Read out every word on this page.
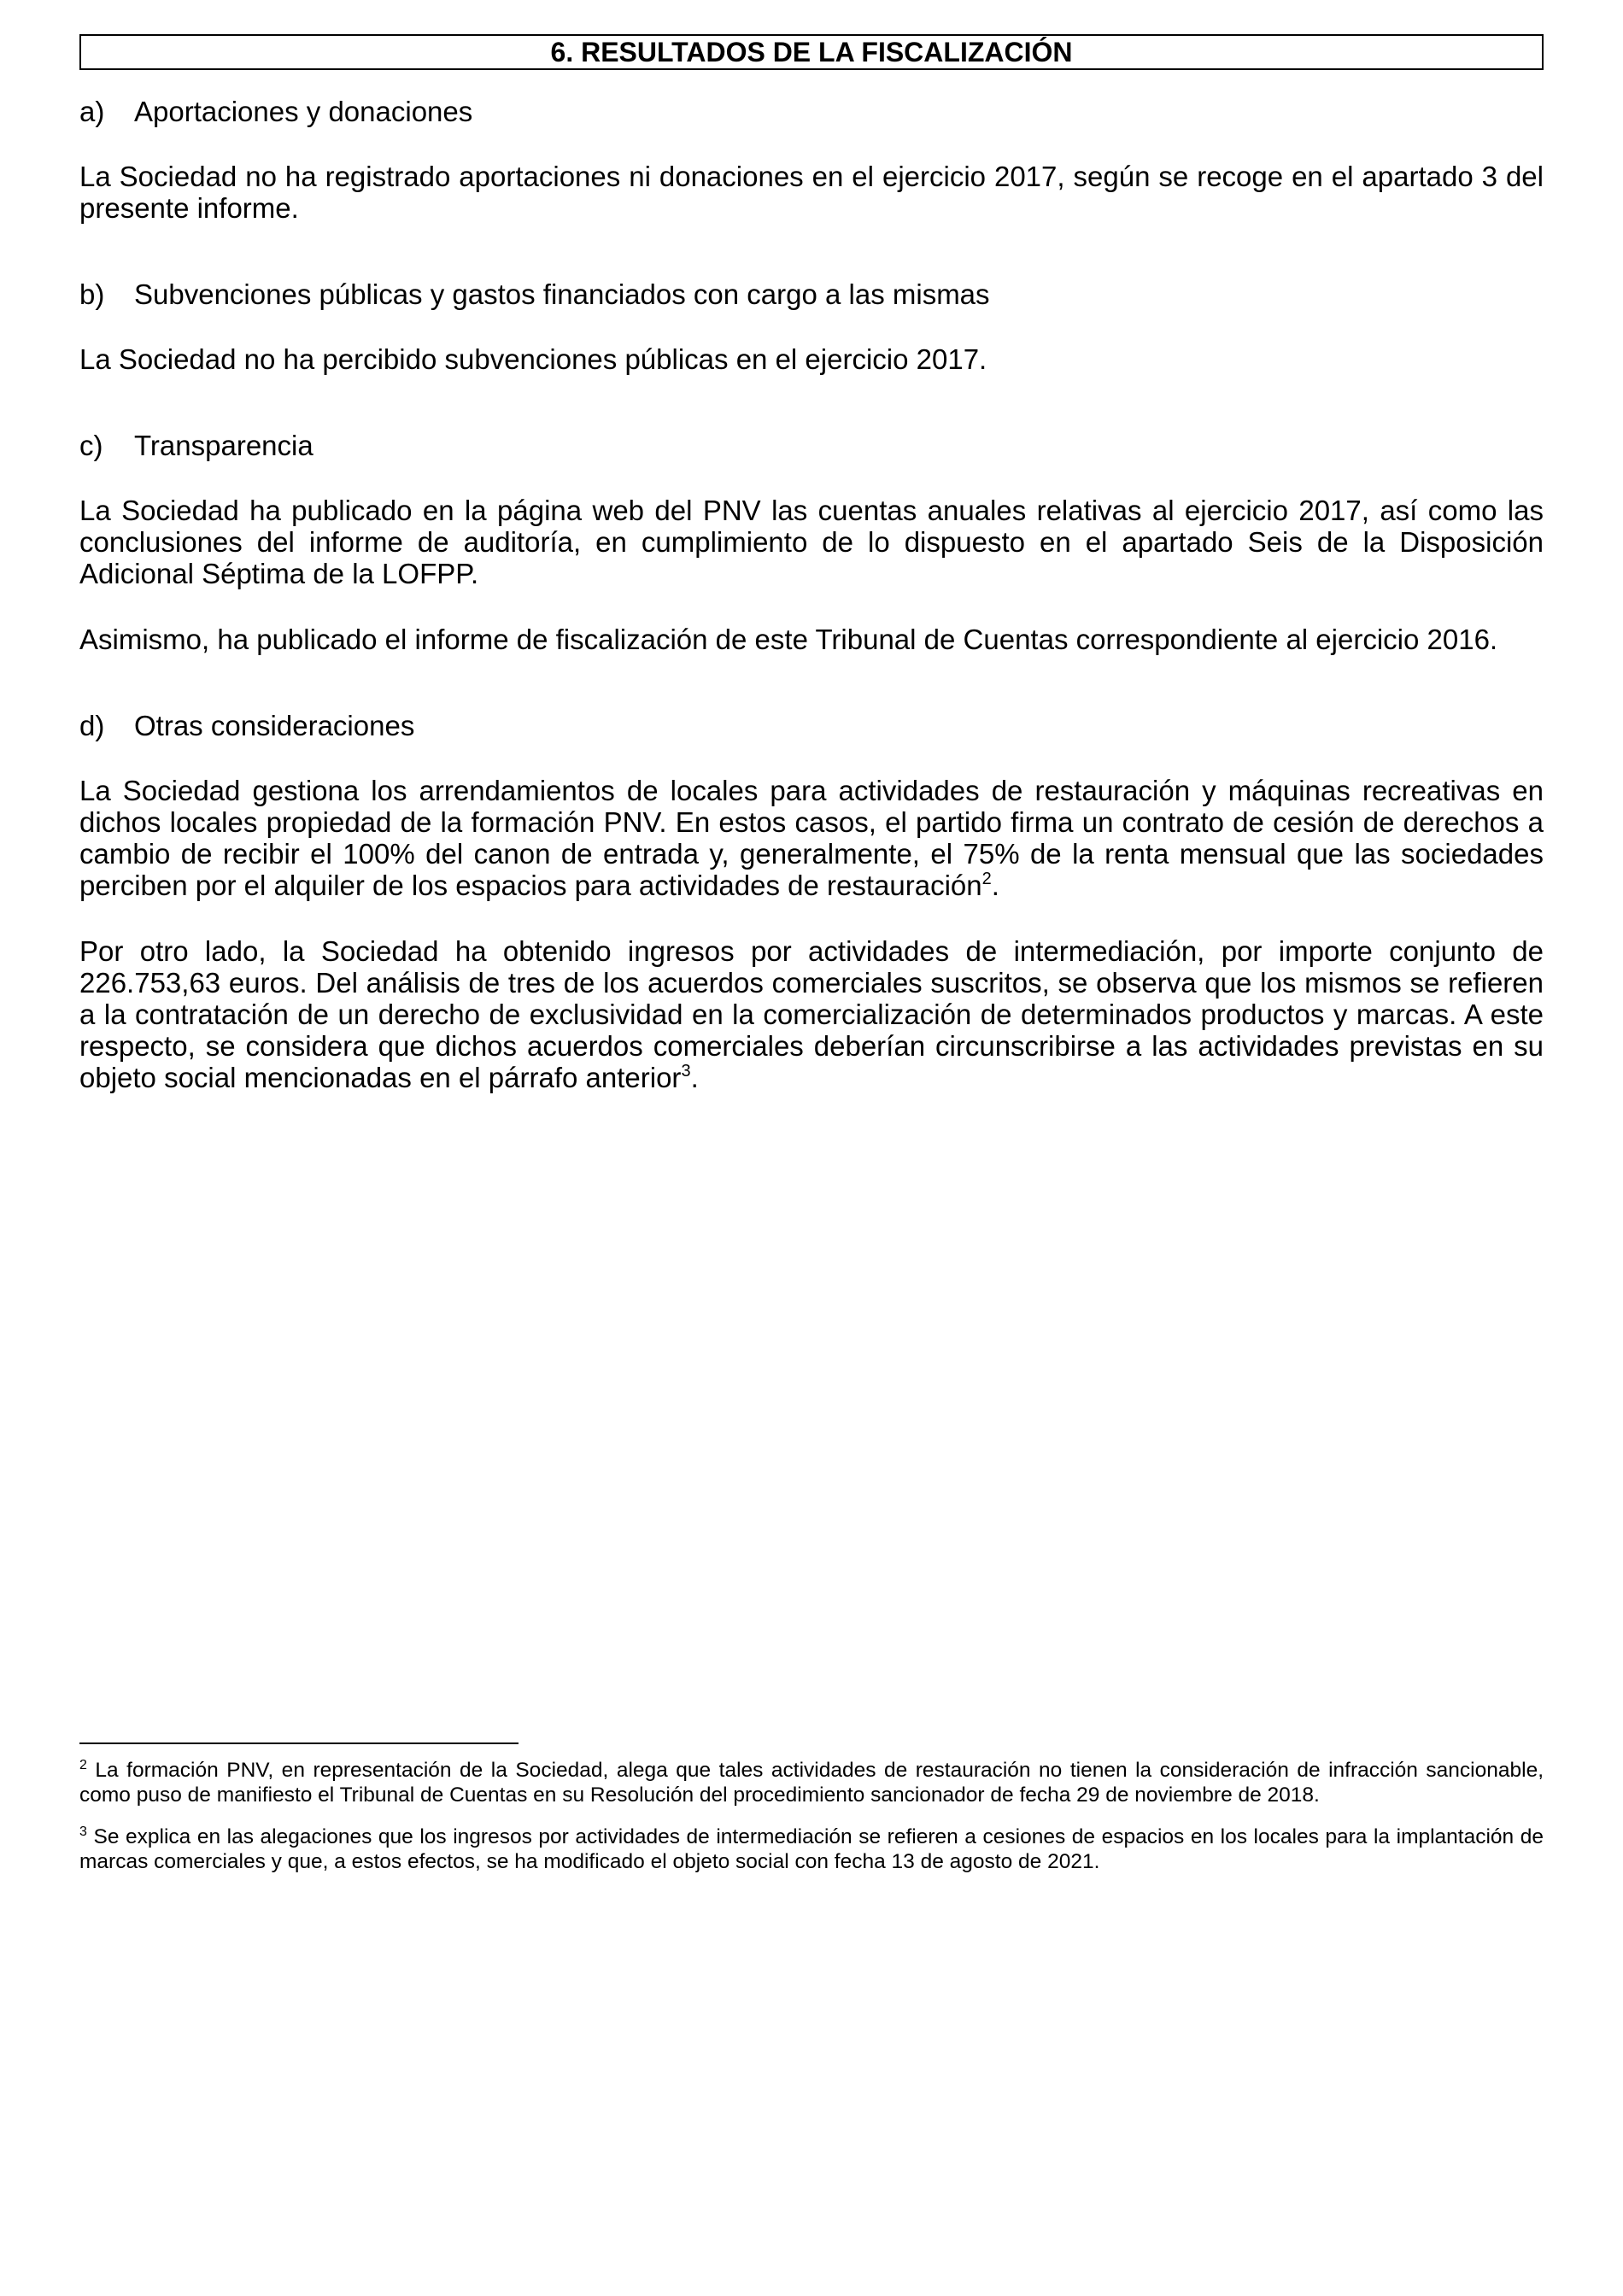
6. RESULTADOS DE LA FISCALIZACIÓN
a)	Aportaciones y donaciones

La Sociedad no ha registrado aportaciones ni donaciones en el ejercicio 2017, según se recoge en el apartado 3 del presente informe.

b)	Subvenciones públicas y gastos financiados con cargo a las mismas

La Sociedad no ha percibido subvenciones públicas en el ejercicio 2017.

c)	Transparencia

La Sociedad ha publicado en la página web del PNV las cuentas anuales relativas al ejercicio 2017, así como las conclusiones del informe de auditoría, en cumplimiento de lo dispuesto en el apartado Seis de la Disposición Adicional Séptima de la LOFPP.

Asimismo, ha publicado el informe de fiscalización de este Tribunal de Cuentas correspondiente al ejercicio 2016.

d)	Otras consideraciones

La Sociedad gestiona los arrendamientos de locales para actividades de restauración y máquinas recreativas en dichos locales propiedad de la formación PNV. En estos casos, el partido firma un contrato de cesión de derechos a cambio de recibir el 100% del canon de entrada y, generalmente, el 75% de la renta mensual que las sociedades perciben por el alquiler de los espacios para actividades de restauración$^2$.

Por otro lado, la Sociedad ha obtenido ingresos por actividades de intermediación, por importe conjunto de 226.753,63 euros. Del análisis de tres de los acuerdos comerciales suscritos, se observa que los mismos se refieren a la contratación de un derecho de exclusividad en la comercialización de determinados productos y marcas. A este respecto, se considera que dichos acuerdos comerciales deberían circunscribirse a las actividades previstas en su objeto social mencionadas en el párrafo anterior$^3$.

$^2$ La formación PNV, en representación de la Sociedad, alega que tales actividades de restauración no tienen la consideración de infracción sancionable, como puso de manifiesto el Tribunal de Cuentas en su Resolución del procedimiento sancionador de fecha 29 de noviembre de 2018.

$^3$ Se explica en las alegaciones que los ingresos por actividades de intermediación se refieren a cesiones de espacios en los locales para la implantación de marcas comerciales y que, a estos efectos, se ha modificado el objeto social con fecha 13 de agosto de 2021.
